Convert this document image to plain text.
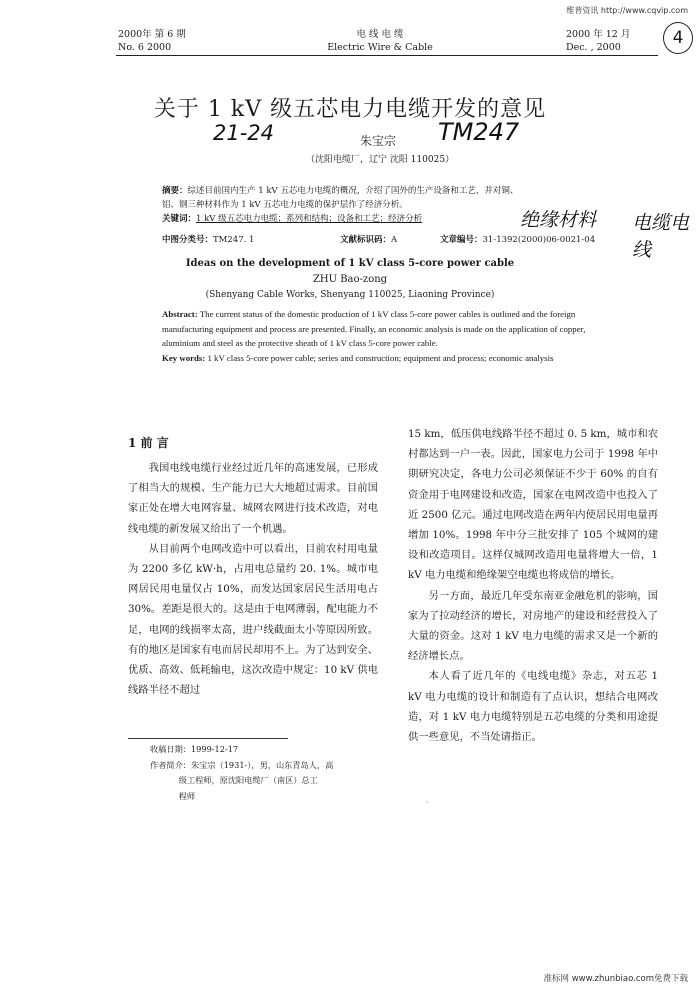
维普资讯 http://www.cqvip.com
2000年 第 6 期
No. 6 2000
电 线 电 缆
Electric Wire & Cable
2000 年 12 月
Dec. , 2000	4
关于 1 kV 级五芯电力电缆开发的意见
21-24	TM247
朱宝宗
（沈阳电缆厂，辽宁 沈阳 110025）
摘要：综述目前国内生产 1 kV 五芯电力电缆的概况，介绍了国外的生产设备和工艺，并对铜、
铝、钢三种材料作为 1 kV 五芯电力电缆的保护层作了经济分析。
关键词：1 kV 级五芯电力电缆；系列和结构；设备和工艺；经济分析	绝缘材料 电缆电线
中图分类号：TM247. 1	文献标识码：A	文章编号：31-1392(2000)06-0021-04
Ideas on the development of 1 kV class 5-core power cable
ZHU Bao-zong
(Shenyang Cable Works, Shenyang 110025, Liaoning Province)
Abstract: The current status of the domestic production of 1 kV class 5-core power cables is outlined and the foreign manufacturing equipment and process are presented. Finally, an economic analysis is made on the application of copper, aluminium and steel as the protective sheath of 1 kV class 5-core power cable.
Key words: 1 kV class 5-core power cable; series and construction; equipment and process; economic analysis
1 前 言

我国电线电缆行业经过近几年的高速发展，已形成了相当大的规模、生产能力已大大地超过需求。目前国家正处在增大电网容量、城网农网进行技术改造，对电线电缆的新发展又给出了一个机遇。

从目前两个电网改造中可以看出，目前农村用电量为 2200 多亿 kW·h，占用电总量约 20. 1%。城市电网居民用电量仅占 10%，而发达国家居民生活用电占 30%。差距是很大的。这是由于电网薄弱，配电能力不足，电网的线损率太高，进户线截面太小等原因所致。有的地区是国家有电而居民却用不上。为了达到安全、优质、高效、低耗输电，这次改造中规定：10 kV 供电线路半径不超过

收稿日期：1999-12-17
作者简介：朱宝宗（1931-），男，山东青岛人，高
级工程师，原沈阳电缆厂（南区）总工
程师

15 km，低压供电线路半径不超过 0. 5 km，城市和农村都达到一户一表。因此，国家电力公司于 1998 年中期研究决定，各电力公司必须保证不少于 60% 的自有资金用于电网建设和改造，国家在电网改造中也投入了近 2500 亿元。通过电网改造在两年内使居民用电量再增加 10%。1998 年中分三批安排了 105 个城网的建设和改造项目。这样仅城网改造用电量将增大一倍，1 kV 电力电缆和绝缘架空电缆也将成倍的增长。

另一方面，最近几年受东南亚金融危机的影响，国家为了拉动经济的增长，对房地产的建设和经营投入了大量的资金。这对 1 kV 电力电缆的需求又是一个新的经济增长点。

本人看了近几年的《电线电缆》杂志，对五芯 1 kV 电力电缆的设计和制造有了点认识，想结合电网改造，对 1 kV 电力电缆特别是五芯电缆的分类和用途提供一些意见，不当处请指正。

·
准标网 www.zhunbiao.com免费下载
